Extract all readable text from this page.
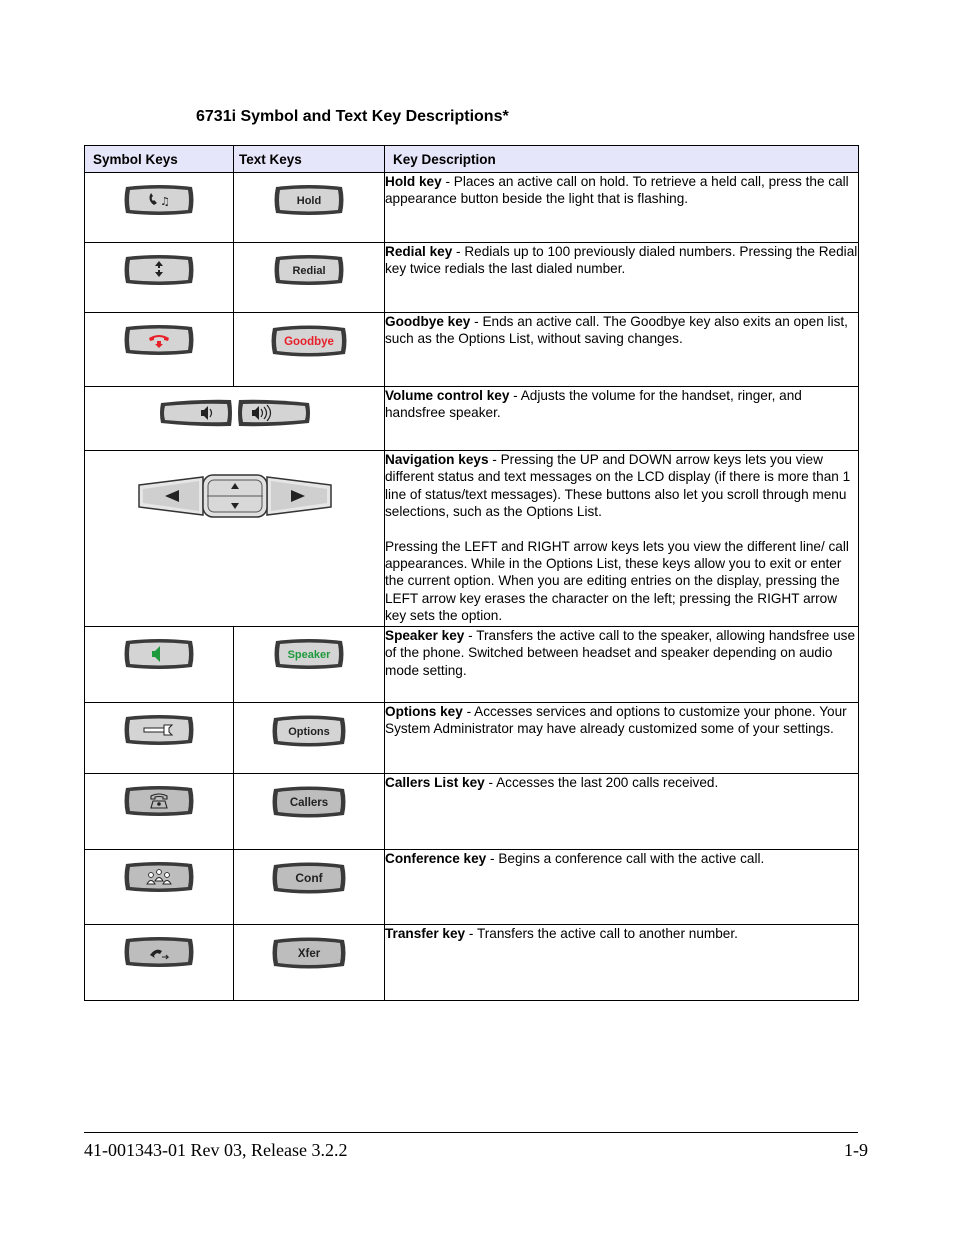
6731i Symbol and Text Key Descriptions*
Symbol Keys	Text Keys	Key Description

♫	Hold	Hold key - Places an active call on hold. To retrieve a held call, press the call appearance button beside the light that is flashing.

Redial	Redial key - Redials up to 100 previously dialed numbers. Pressing the Redial key twice redials the last dialed number.

Goodbye	Goodbye key - Ends an active call. The Goodbye key also exits an open list, such as the Options List, without saving changes.
	Volume control key - Adjusts the volume for the handset, ringer, and handsfree speaker.
	Navigation keys - Pressing the UP and DOWN arrow keys lets you view different status and text messages on the LCD display (if there is more than 1 line of status/text messages). These buttons also let you scroll through menu selections, such as the Options List.

Pressing the LEFT and RIGHT arrow keys lets you view the different line/ call appearances. While in the Options List, these keys allow you to exit or enter the current option. When you are editing entries on the display, pressing the LEFT arrow key erases the character on the left; pressing the RIGHT arrow key sets the option.

Speaker	Speaker key - Transfers the active call to the speaker, allowing handsfree use of the phone. Switched between headset and speaker depending on audio mode setting.

Options	Options key - Accesses services and options to customize your phone. Your System Administrator may have already customized some of your settings.

Callers	Callers List key - Accesses the last 200 calls received.

Conf	Conference key - Begins a conference call with the active call.

Xfer	Transfer key - Transfers the active call to another number.
41-001343-01 Rev 03, Release 3.2.2	1-9
